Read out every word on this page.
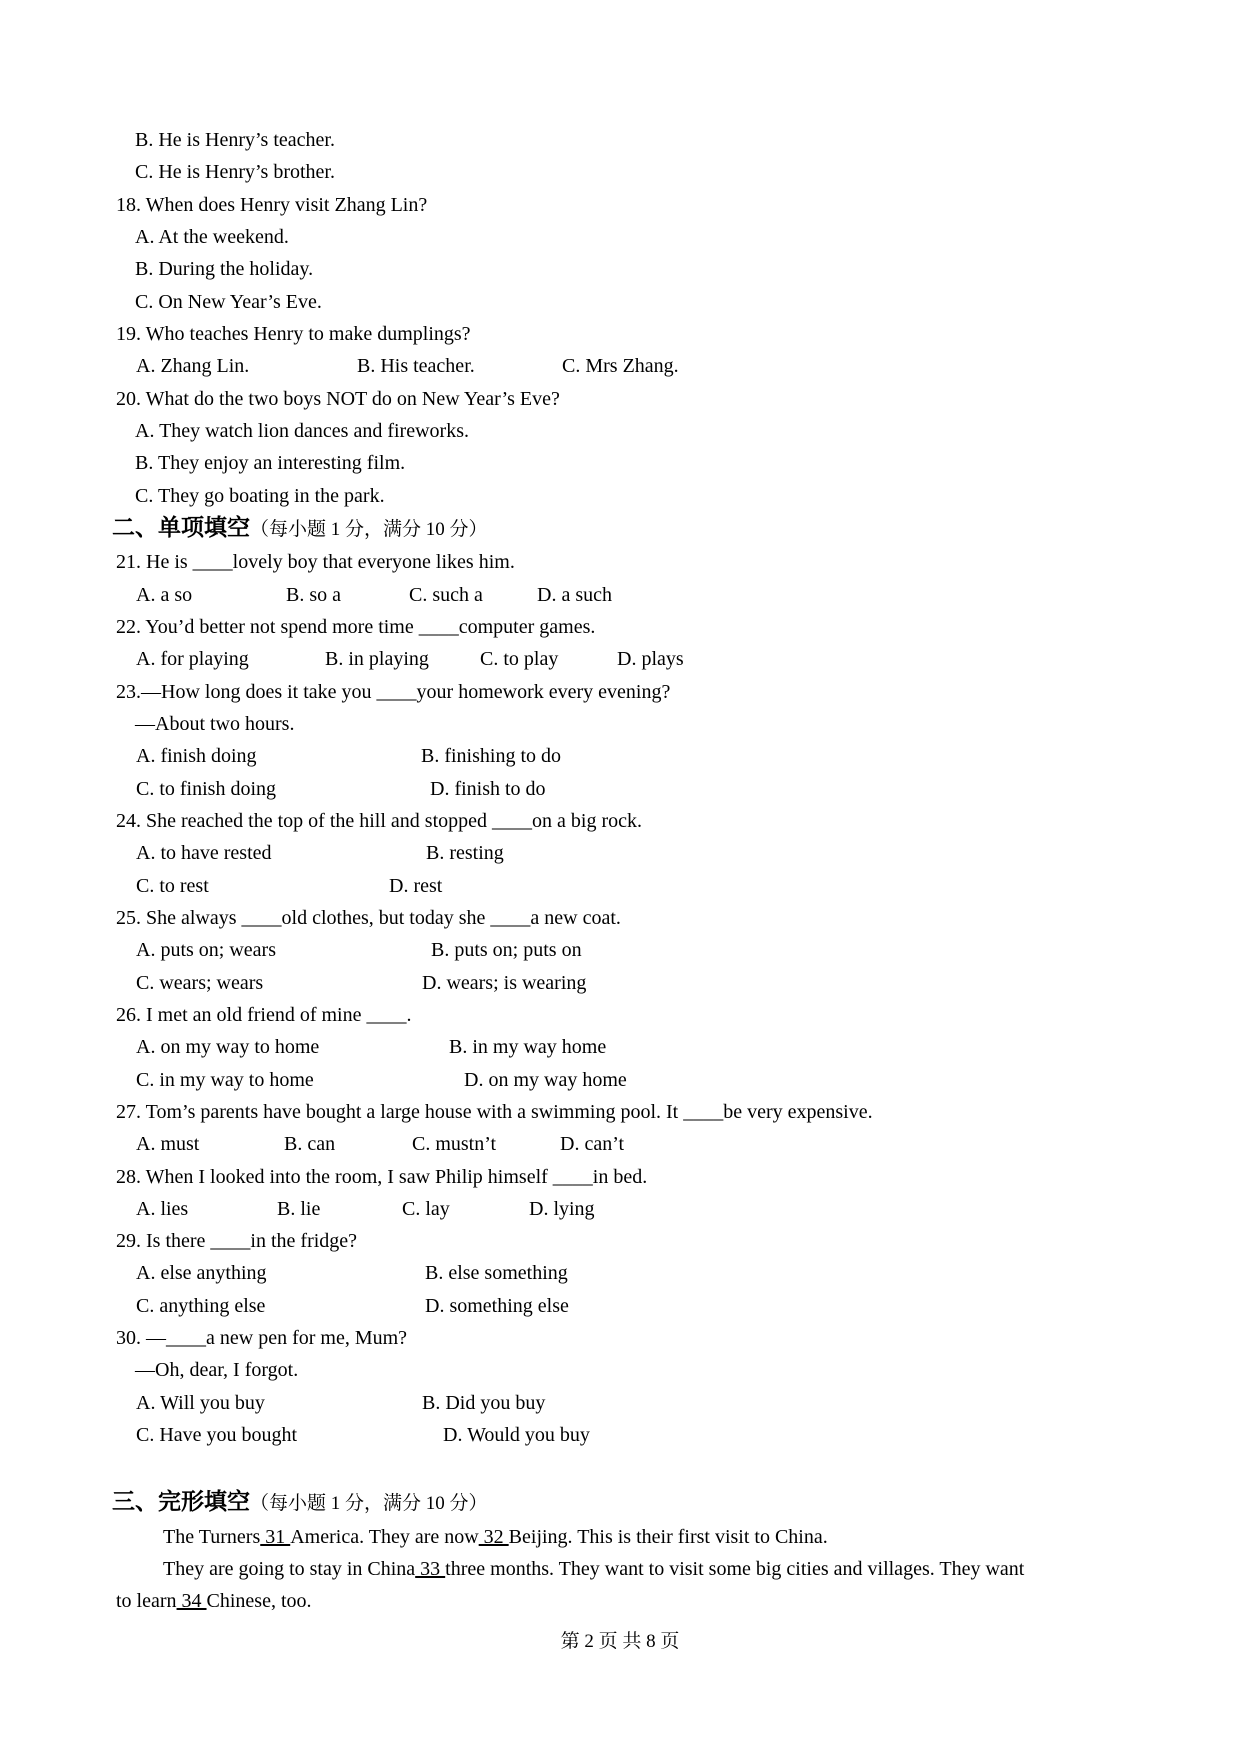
B. He is Henry’s teacher.
C. He is Henry’s brother.
18. When does Henry visit Zhang Lin?
A. At the weekend.
B. During the holiday.
C. On New Year’s Eve.
19. Who teaches Henry to make dumplings?
A. Zhang Lin.	B. His teacher.	C. Mrs Zhang.
20. What do the two boys NOT do on New Year’s Eve?
A. They watch lion dances and fireworks.
B. They enjoy an interesting film.
C. They go boating in the park.
二、单项填空（每小题 1 分，满分 10 分）
21. He is ____lovely boy that everyone likes him.
A. a so	B. so a	C. such a	D. a such
22. You’d better not spend more time ____computer games.
A. for playing	B. in playing	C. to play	D. plays
23.—How long does it take you ____your homework every evening?
—About two hours.
A. finish doing	B. finishing to do
C. to finish doing	D. finish to do
24. She reached the top of the hill and stopped ____on a big rock.
A. to have rested	B. resting
C. to rest	D. rest
25. She always ____old clothes, but today she ____a new coat.
A. puts on; wears	B. puts on; puts on
C. wears; wears	D. wears; is wearing
26. I met an old friend of mine ____.
A. on my way to home	B. in my way home
C. in my way to home	D. on my way home
27. Tom’s parents have bought a large house with a swimming pool. It ____be very expensive.
A. must	B. can	C. mustn’t	D. can’t
28. When I looked into the room, I saw Philip himself ____in bed.
A. lies	B. lie	C. lay	D. lying
29. Is there ____in the fridge?
A. else anything	B. else something
C. anything else	D. something else
30. —____a new pen for me, Mum?
—Oh, dear, I forgot.
A. Will you buy	B. Did you buy
C. Have you bought	D. Would you buy
三、完形填空（每小题 1 分，满分 10 分）
The Turners 31 America. They are now 32 Beijing. This is their first visit to China.
They are going to stay in China 33 three months. They want to visit some big cities and villages. They want
to learn 34 Chinese, too.
第 2 页 共 8 页
